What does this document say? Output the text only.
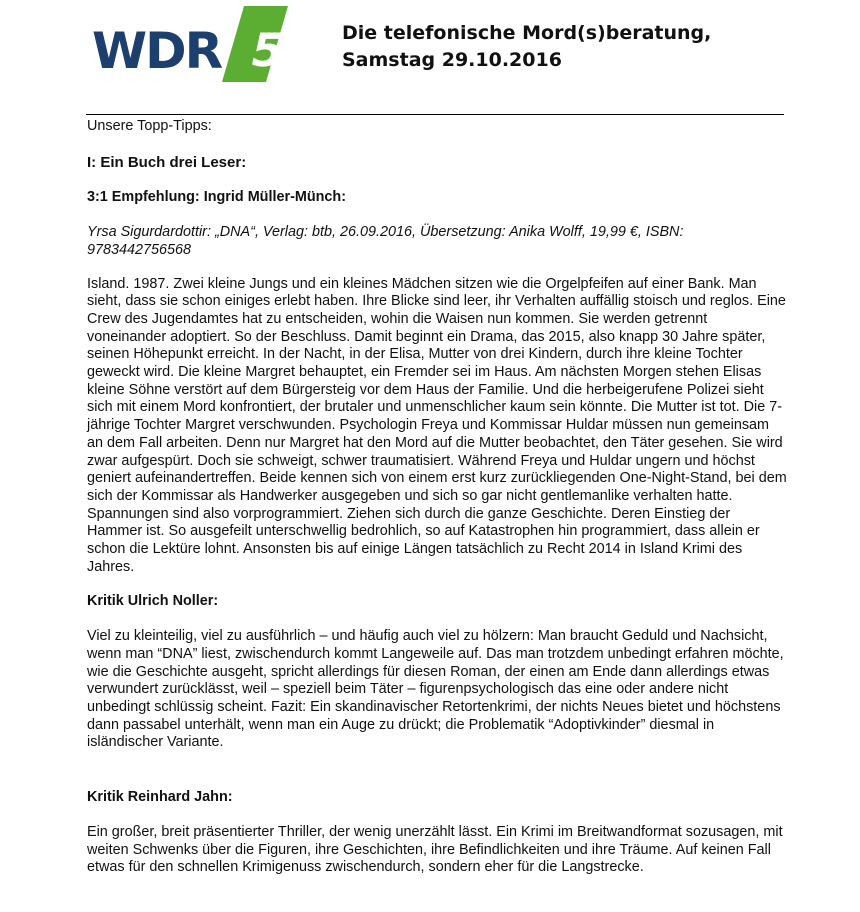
5
WDR	Die telefonische Mord(s)beratung,
Samstag 29.10.2016

Unsere Topp-Tipps:

I: Ein Buch drei Leser:

3:1 Empfehlung: Ingrid Müller-Münch:

Yrsa Sigurdardottir: „DNA“, Verlag: btb, 26.09.2016, Übersetzung: Anika Wolff, 19,99 €, ISBN: 9783442756568

Island. 1987. Zwei kleine Jungs und ein kleines Mädchen sitzen wie die Orgelpfeifen auf einer Bank. Man sieht, dass sie schon einiges erlebt haben. Ihre Blicke sind leer, ihr Verhalten auffällig stoisch und reglos. Eine Crew des Jugendamtes hat zu entscheiden, wohin die Waisen nun kommen. Sie werden getrennt voneinander adoptiert. So der Beschluss. Damit beginnt ein Drama, das 2015, also knapp 30 Jahre später, seinen Höhepunkt erreicht. In der Nacht, in der Elisa, Mutter von drei Kindern, durch ihre kleine Tochter geweckt wird. Die kleine Margret behauptet, ein Fremder sei im Haus. Am nächsten Morgen stehen Elisas kleine Söhne verstört auf dem Bürgersteig vor dem Haus der Familie. Und die herbeigerufene Polizei sieht sich mit einem Mord konfrontiert, der brutaler und unmenschlicher kaum sein könnte. Die Mutter ist tot. Die 7-jährige Tochter Margret verschwunden. Psychologin Freya und Kommissar Huldar müssen nun gemeinsam an dem Fall arbeiten. Denn nur Margret hat den Mord auf die Mutter beobachtet, den Täter gesehen. Sie wird zwar aufgespürt. Doch sie schweigt, schwer traumatisiert. Während Freya und Huldar ungern und höchst geniert aufeinandertreffen. Beide kennen sich von einem erst kurz zurückliegenden One-Night-Stand, bei dem sich der Kommissar als Handwerker ausgegeben und sich so gar nicht gentlemanlike verhalten hatte. Spannungen sind also vorprogrammiert. Ziehen sich durch die ganze Geschichte. Deren Einstieg der Hammer ist. So ausgefeilt unterschwellig bedrohlich, so auf Katastrophen hin programmiert, dass allein er schon die Lektüre lohnt. Ansonsten bis auf einige Längen tatsächlich zu Recht 2014 in Island Krimi des Jahres.

Kritik Ulrich Noller:

Viel zu kleinteilig, viel zu ausführlich – und häufig auch viel zu hölzern: Man braucht Geduld und Nachsicht, wenn man “DNA” liest, zwischendurch kommt Langeweile auf. Das man trotzdem unbedingt erfahren möchte, wie die Geschichte ausgeht, spricht allerdings für diesen Roman, der einen am Ende dann allerdings etwas verwundert zurücklässt, weil – speziell beim Täter – figurenpsychologisch das eine oder andere nicht unbedingt schlüssig scheint. Fazit: Ein skandinavischer Retortenkrimi, der nichts Neues bietet und höchstens dann passabel unterhält, wenn man ein Auge zu drückt; die Problematik “Adoptivkinder” diesmal in isländischer Variante.

Kritik Reinhard Jahn:

Ein großer, breit präsentierter Thriller, der wenig unerzählt lässt. Ein Krimi im Breitwandformat sozusagen, mit weiten Schwenks über die Figuren, ihre Geschichten, ihre Befindlichkeiten und ihre Träume. Auf keinen Fall etwas für den schnellen Krimigenuss zwischendurch, sondern eher für die Langstrecke.
